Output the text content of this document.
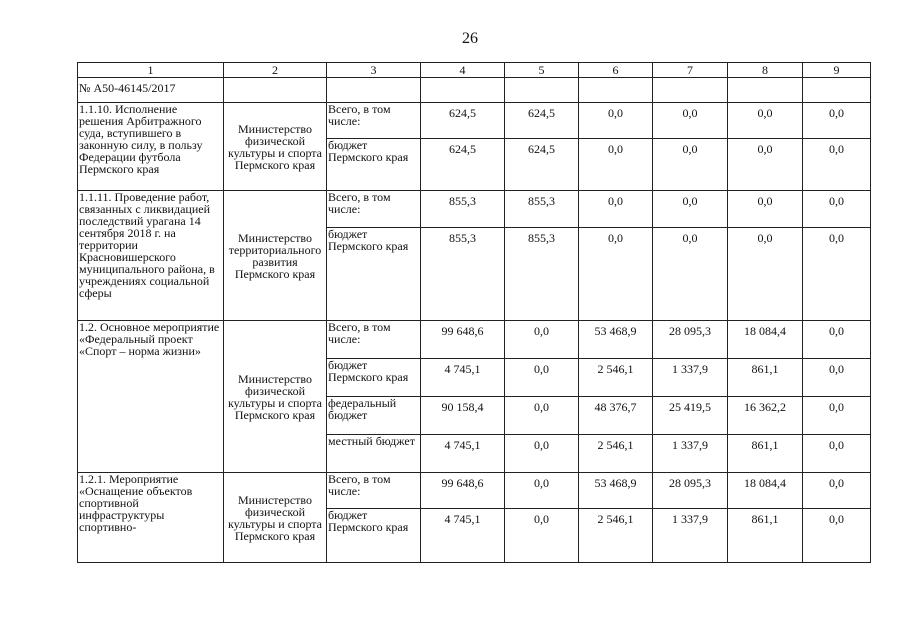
26
1	2	3	4	5	6	7	8	9
№ А50-46145/2017								
1.1.10. Исполнение решения Арбитражного суда, вступившего в законную силу, в пользу Федерации футбола Пермского края	Министерство физической культуры и спорта Пермского края	Всего, в том числе:	624,5	624,5	0,0	0,0	0,0	0,0
		бюджет Пермского края	624,5	624,5	0,0	0,0	0,0	0,0
1.1.11. Проведение работ, связанных с ликвидацией последствий урагана 14 сентября 2018 г. на территории Красновишерского муниципального района, в учреждениях социальной сферы	Министерство территориального развития Пермского края	Всего, в том числе:	855,3	855,3	0,0	0,0	0,0	0,0
		бюджет Пермского края	855,3	855,3	0,0	0,0	0,0	0,0
1.2. Основное мероприятие «Федеральный проект «Спорт – норма жизни»	Министерство физической культуры и спорта Пермского края	Всего, в том числе:	99 648,6	0,0	53 468,9	28 095,3	18 084,4	0,0
		бюджет Пермского края	4 745,1	0,0	2 546,1	1 337,9	861,1	0,0
		федеральный бюджет	90 158,4	0,0	48 376,7	25 419,5	16 362,2	0,0
		местный бюджет	4 745,1	0,0	2 546,1	1 337,9	861,1	0,0
1.2.1. Мероприятие «Оснащение объектов спортивной инфраструктуры спортивно-	Министерство физической культуры и спорта Пермского края	Всего, в том числе:	99 648,6	0,0	53 468,9	28 095,3	18 084,4	0,0
		бюджет Пермского края	4 745,1	0,0	2 546,1	1 337,9	861,1	0,0
